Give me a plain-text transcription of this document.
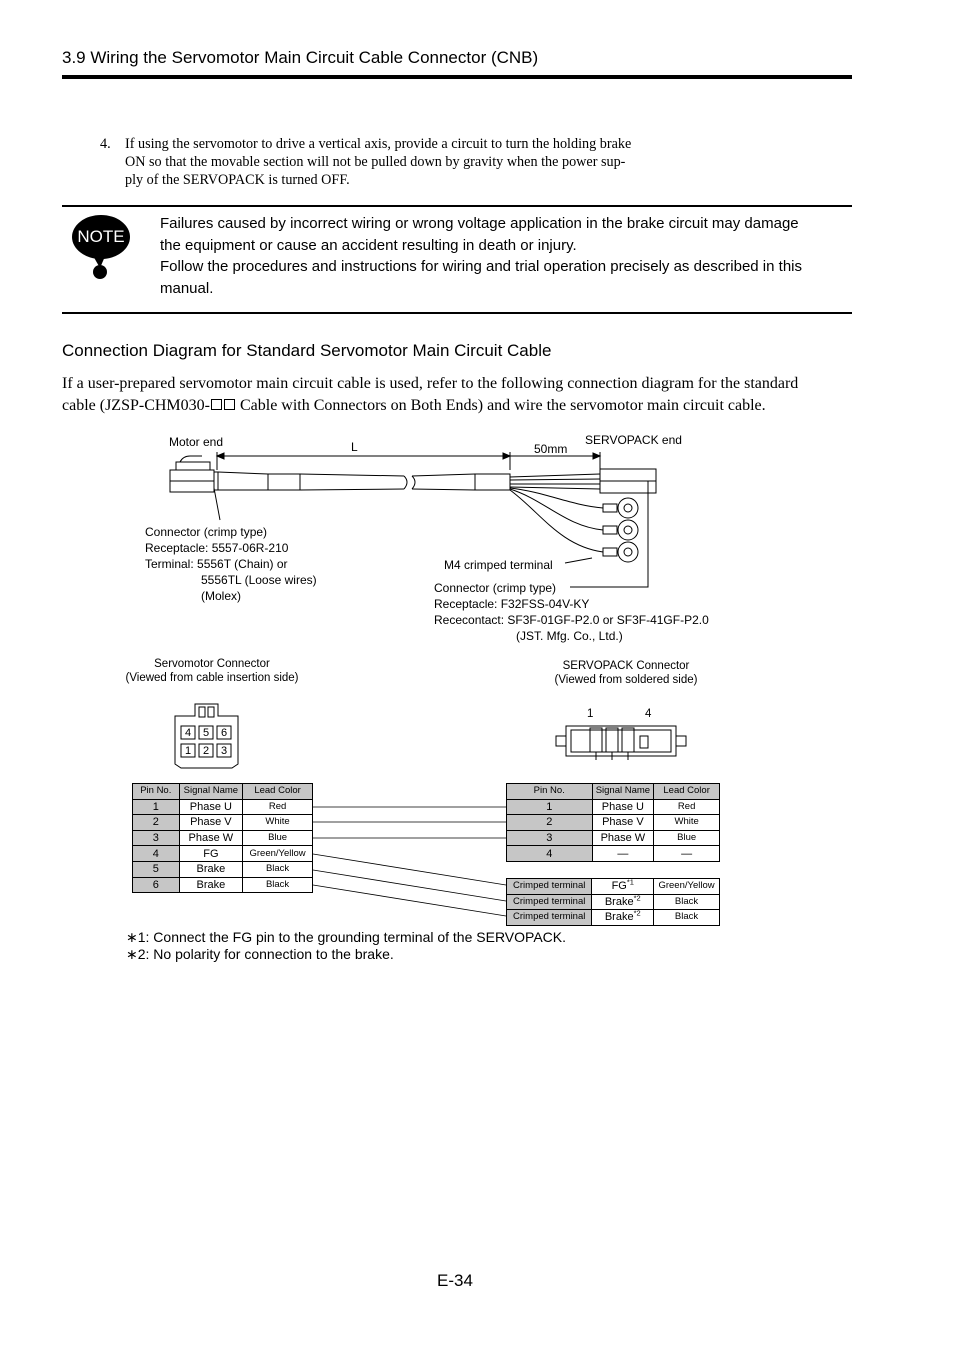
3.9 Wiring the Servomotor Main Circuit Cable Connector (CNB)
4. If using the servomotor to drive a vertical axis, provide a circuit to turn the holding brake
ON so that the movable section will not be pulled down by gravity when the power sup-
ply of the SERVOPACK is turned OFF.
NOTE
Failures caused by incorrect wiring or wrong voltage application in the brake circuit may damage
the equipment or cause an accident resulting in death or injury.
Follow the procedures and instructions for wiring and trial operation precisely as described in this
manual.
Connection Diagram for Standard Servomotor Main Circuit Cable
If a user-prepared servomotor main circuit cable is used, refer to the following connection diagram for the standard
cable (JZSP-CHM030- Cable with Connectors on Both Ends) and wire the servomotor main circuit cable.
Motor end	L	50mm
SERVOPACK end
Connector (crimp type)
Receptacle: 5557-06R-210
Terminal: 5556T (Chain) or
5556TL (Loose wires)
(Molex)
M4 crimped terminal
Connector (crimp type)
Receptacle: F32FSS-04V-KY
Rececontact: SF3F-01GF-P2.0 or SF3F-41GF-P2.0
(JST. Mfg. Co., Ltd.)
Servomotor Connector
(Viewed from cable insertion side)
SERVOPACK Connector
(Viewed from soldered side)
4	5	6
1	2	3
1	4
Pin No.	Signal Name	Lead Color
1	Phase U	Red
2	Phase V	White
3	Phase W	Blue
4	FG	Green/Yellow
5	Brake	Black
6	Brake	Black
Pin No.	Signal Name	Lead Color
1	Phase U	Red
2	Phase V	White
3	Phase W	Blue
4	—	—
Crimped terminal	FG$^{*1}$	Green/Yellow
Crimped terminal	Brake$^{*2}$	Black
Crimped terminal	Brake$^{*2}$	Black
∗1: Connect the FG pin to the grounding terminal of the SERVOPACK.
∗2: No polarity for connection to the brake.
E-34
